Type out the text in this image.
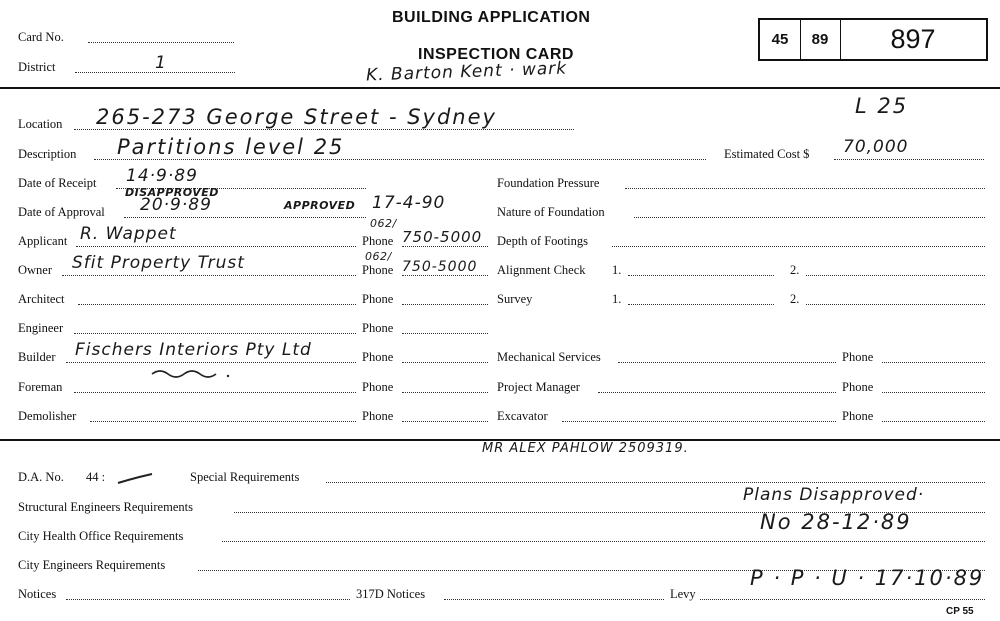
Card No.
District	1
BUILDING APPLICATION
INSPECTION CARD
K. Barton Kent · wark
45	89	897
L 25
Location 265-273 George Street - Sydney
Description Partitions level 25	Estimated Cost $ 70,000
Date of Receipt 14·9·89
DISAPPROVED
Date of Approval 20·9·89	APPROVED 17-4-90
Applicant R. Wappet	Phone
062/
750-5000
Owner Sfit Property Trust	Phone
062/
750-5000
Architect	Phone
Engineer	Phone
Builder Fischers Interiors Pty Ltd	Phone
Foreman	Phone
Demolisher	Phone
Foundation Pressure
Nature of Foundation
Depth of Footings
Alignment Check 1.	2.
Survey	1.	2.
Mechanical Services	Phone
Project Manager	Phone
Excavator	Phone
MR ALEX PAHLOW 2509319.
D.A. No. 44 :	Special Requirements
Structural Engineers Requirements
Plans Disapproved·
City Health Office Requirements
No 28-12·89
City Engineers Requirements
Notices	317D Notices	Levy
P · P · U · 17·10·89
CP 55
